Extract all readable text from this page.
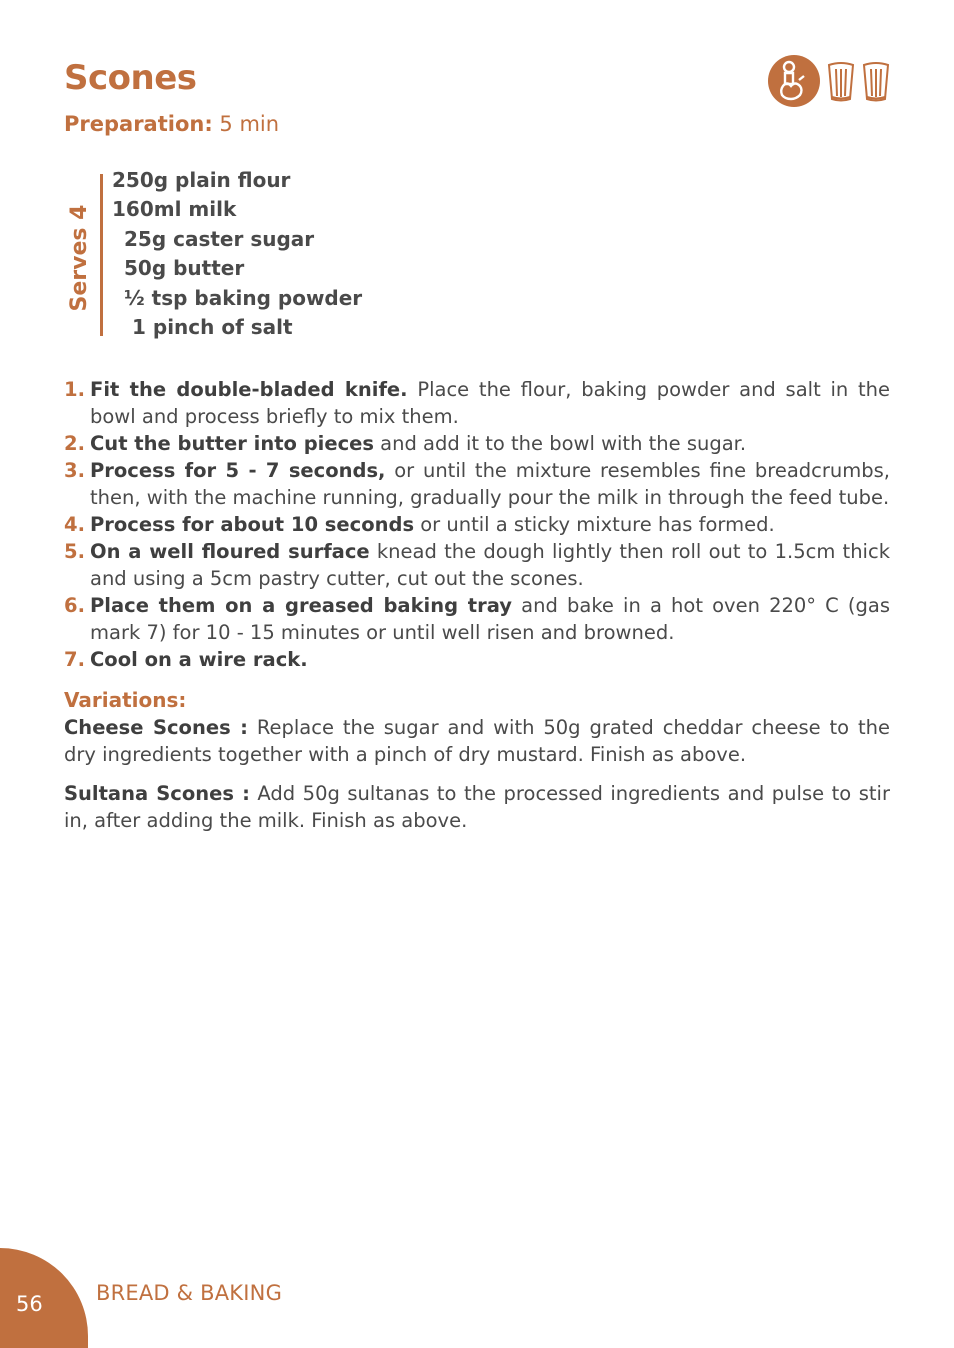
Scones
Preparation: 5 min
Serves 4
250g plain flour
160ml milk
25g caster sugar
50g butter
½ tsp baking powder
1 pinch of salt
1. Fit the double-bladed knife. Place the flour, baking powder and salt in the bowl and process briefly to mix them.
2. Cut the butter into pieces and add it to the bowl with the sugar.
3. Process for 5 - 7 seconds, or until the mixture resembles fine breadcrumbs, then, with the machine running, gradually pour the milk in through the feed tube.
4. Process for about 10 seconds or until a sticky mixture has formed.
5. On a well floured surface knead the dough lightly then roll out to 1.5cm thick and using a 5cm pastry cutter, cut out the scones.
6. Place them on a greased baking tray and bake in a hot oven 220° C (gas mark 7) for 10 - 15 minutes or until well risen and browned.
7. Cool on a wire rack.
Variations:

Cheese Scones : Replace the sugar and with 50g grated cheddar cheese to the dry ingredients together with a pinch of dry mustard. Finish as above.

Sultana Scones : Add 50g sultanas to the processed ingredients and pulse to stir in, after adding the milk. Finish as above.

56	BREAD & BAKING
